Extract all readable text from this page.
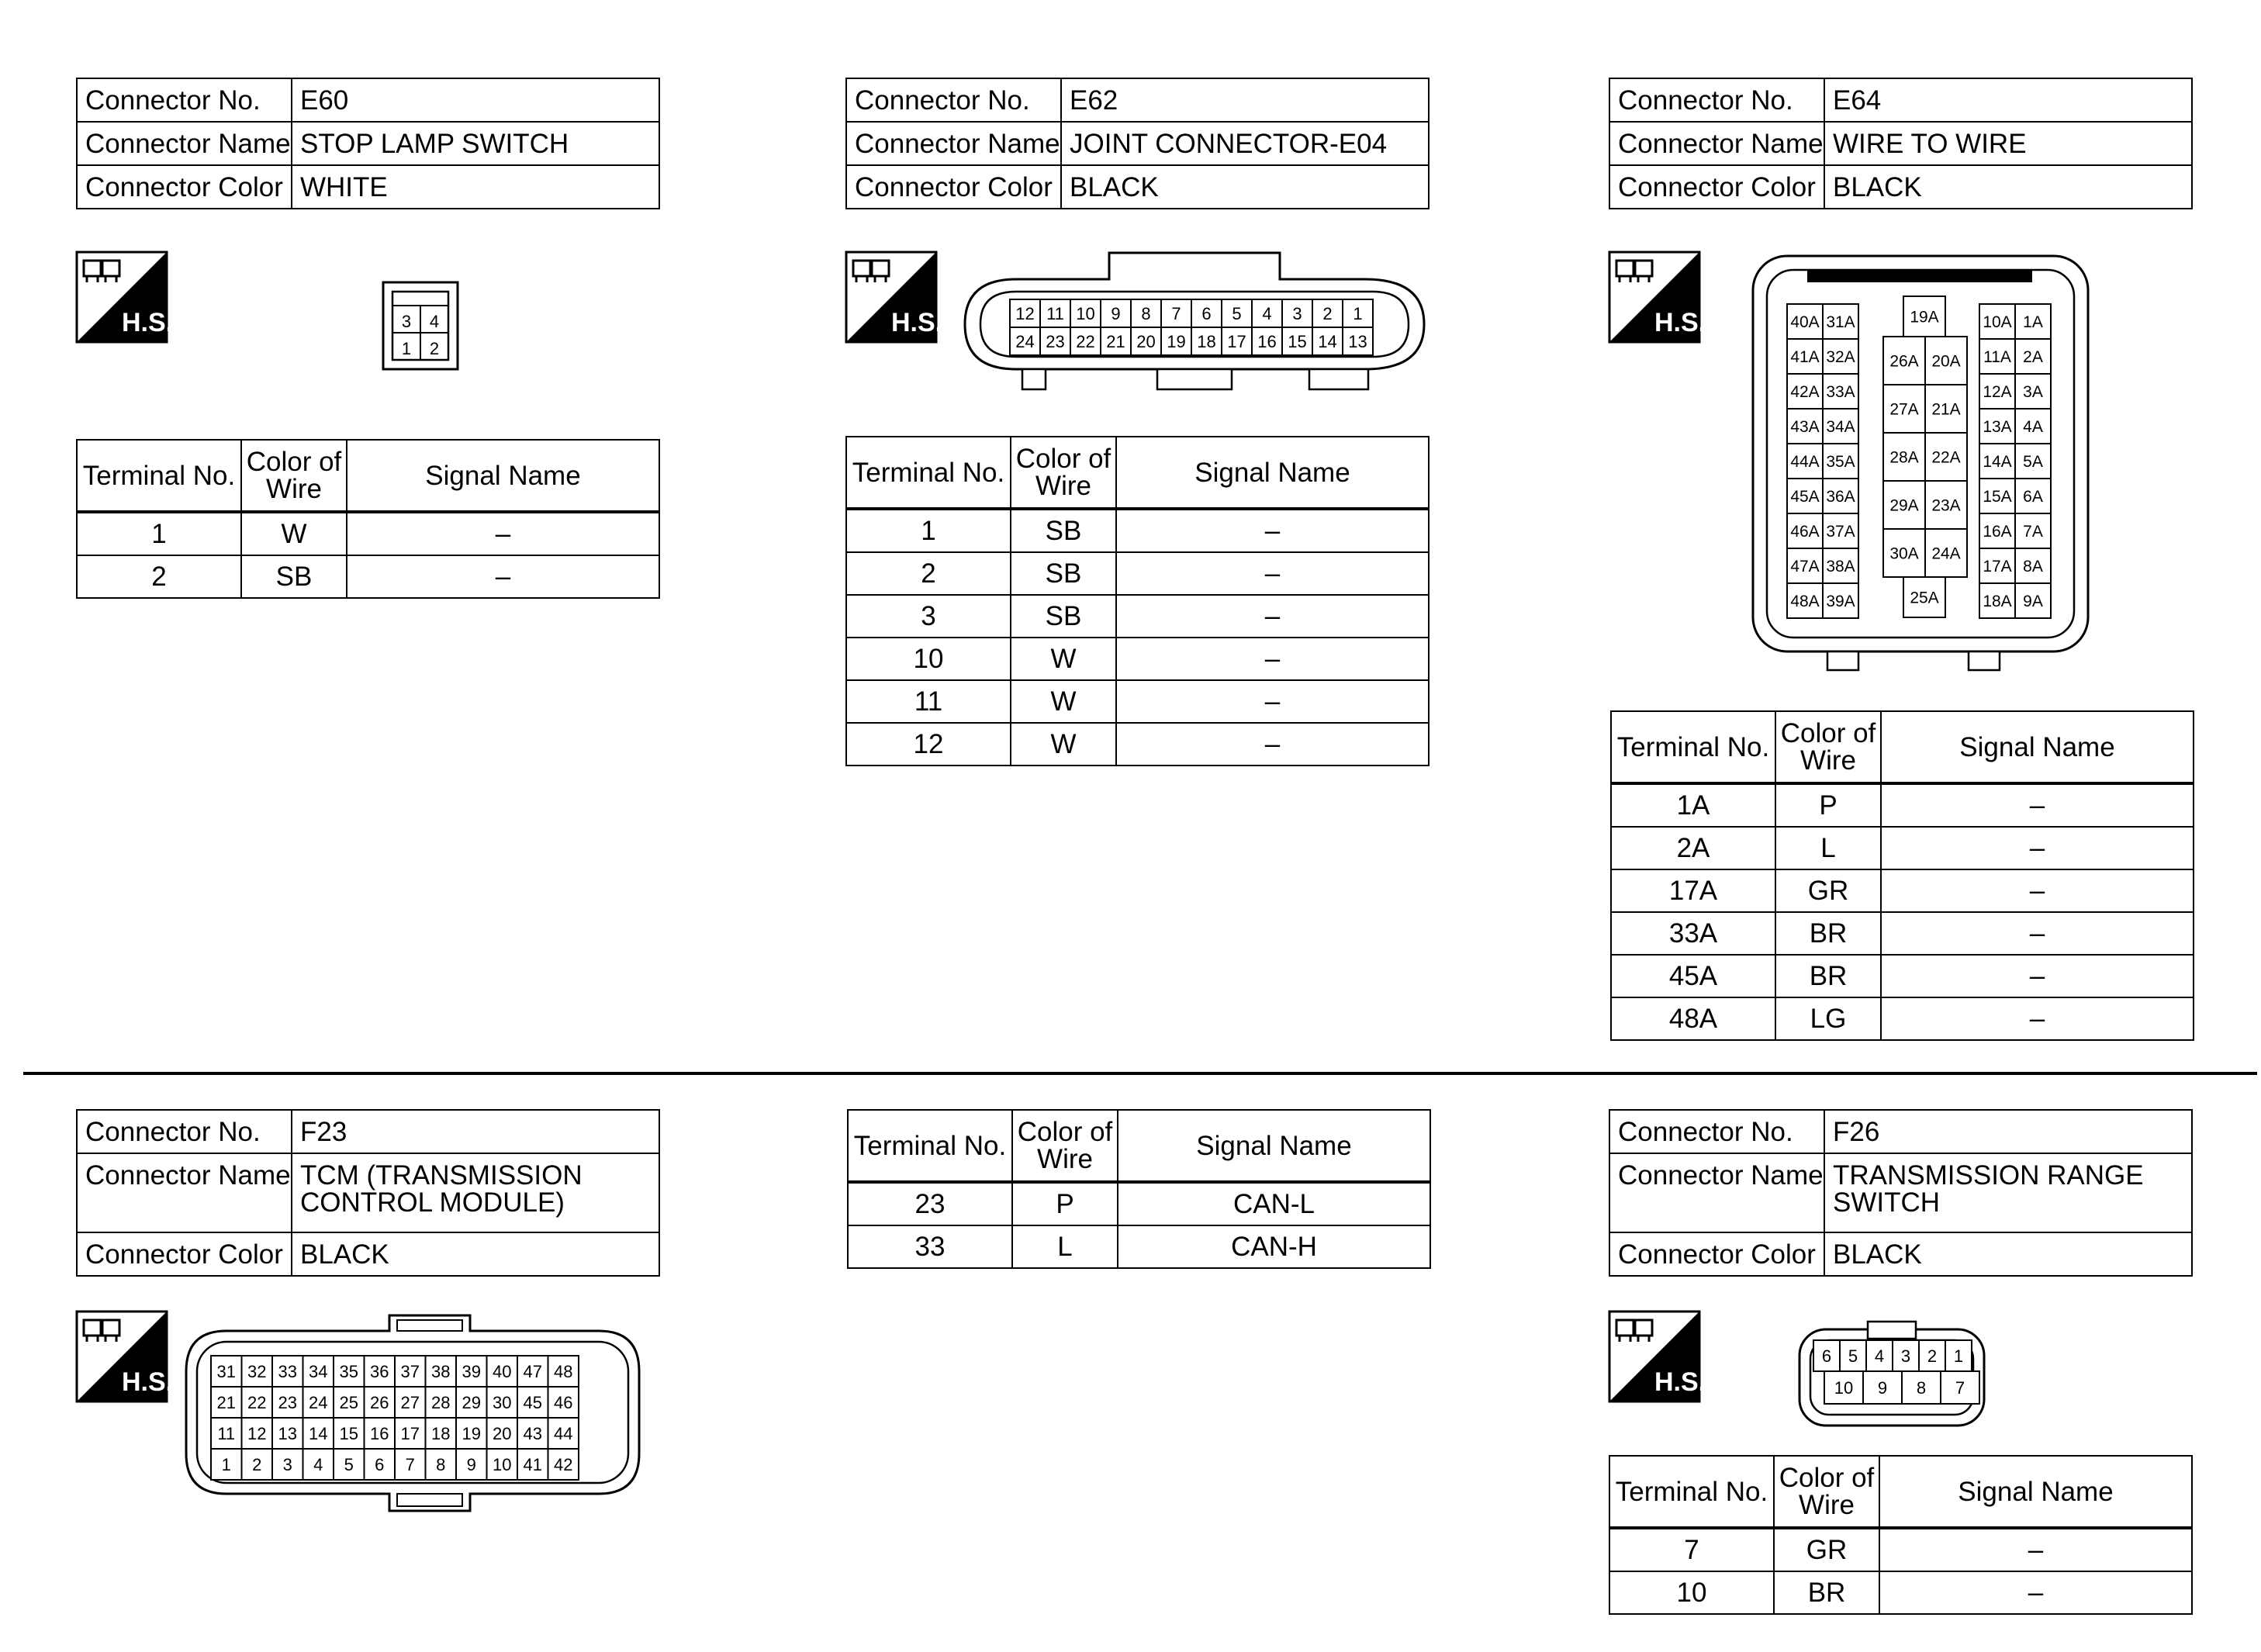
Connector No.	E60
Connector Name	STOP LAMP SWITCH
Connector Color	WHITE
H.S.	3 4
1 2
Terminal No.	Color of Wire	Signal Name
1	W	–
2	SB	–
Connector No.	E62
Connector Name	JOINT CONNECTOR-E04
Connector Color	BLACK
H.S.	12 11 10 9 8 7 6 5 4 3 2 1
24 23 22 21 20 19 18 17 16 15 14 13
Terminal No.	Color of Wire	Signal Name
1	SB	–
2	SB	–
3	SB	–
10	W	–
11	W	–
12	W	–
Connector No.	E64
Connector Name	WIRE TO WIRE
Connector Color	BLACK
H.S.	40A 31A
41A 32A
42A 33A
43A 34A
44A 35A
45A 36A
46A 37A
47A 38A
48A 39A
19A
26A 20A
27A 21A
28A 22A
29A 23A
30A 24A
25A
10A 1A
11A 2A
12A 3A
13A 4A
14A 5A
15A 6A
16A 7A
17A 8A
18A 9A
Terminal No.	Color of Wire	Signal Name
1A	P	–
2A	L	–
17A	GR	–
33A	BR	–
45A	BR	–
48A	LG	–
Connector No.	F23
Connector Name	TCM (TRANSMISSION CONTROL MODULE)
Connector Color	BLACK
H.S.	31 32 33 34 35 36 37 38 39 40 47 48
21 22 23 24 25 26 27 28 29 30 45 46
11 12 13 14 15 16 17 18 19 20 43 44
1 2 3 4 5 6 7 8 9 10 41 42
Terminal No.	Color of Wire	Signal Name
23	P	CAN-L
33	L	CAN-H
Connector No.	F26
Connector Name	TRANSMISSION RANGE SWITCH
Connector Color	BLACK
H.S.
6 5 4 3 2 1
10 9 8 7
Terminal No.	Color of Wire	Signal Name
7	GR	–
10	BR	–
